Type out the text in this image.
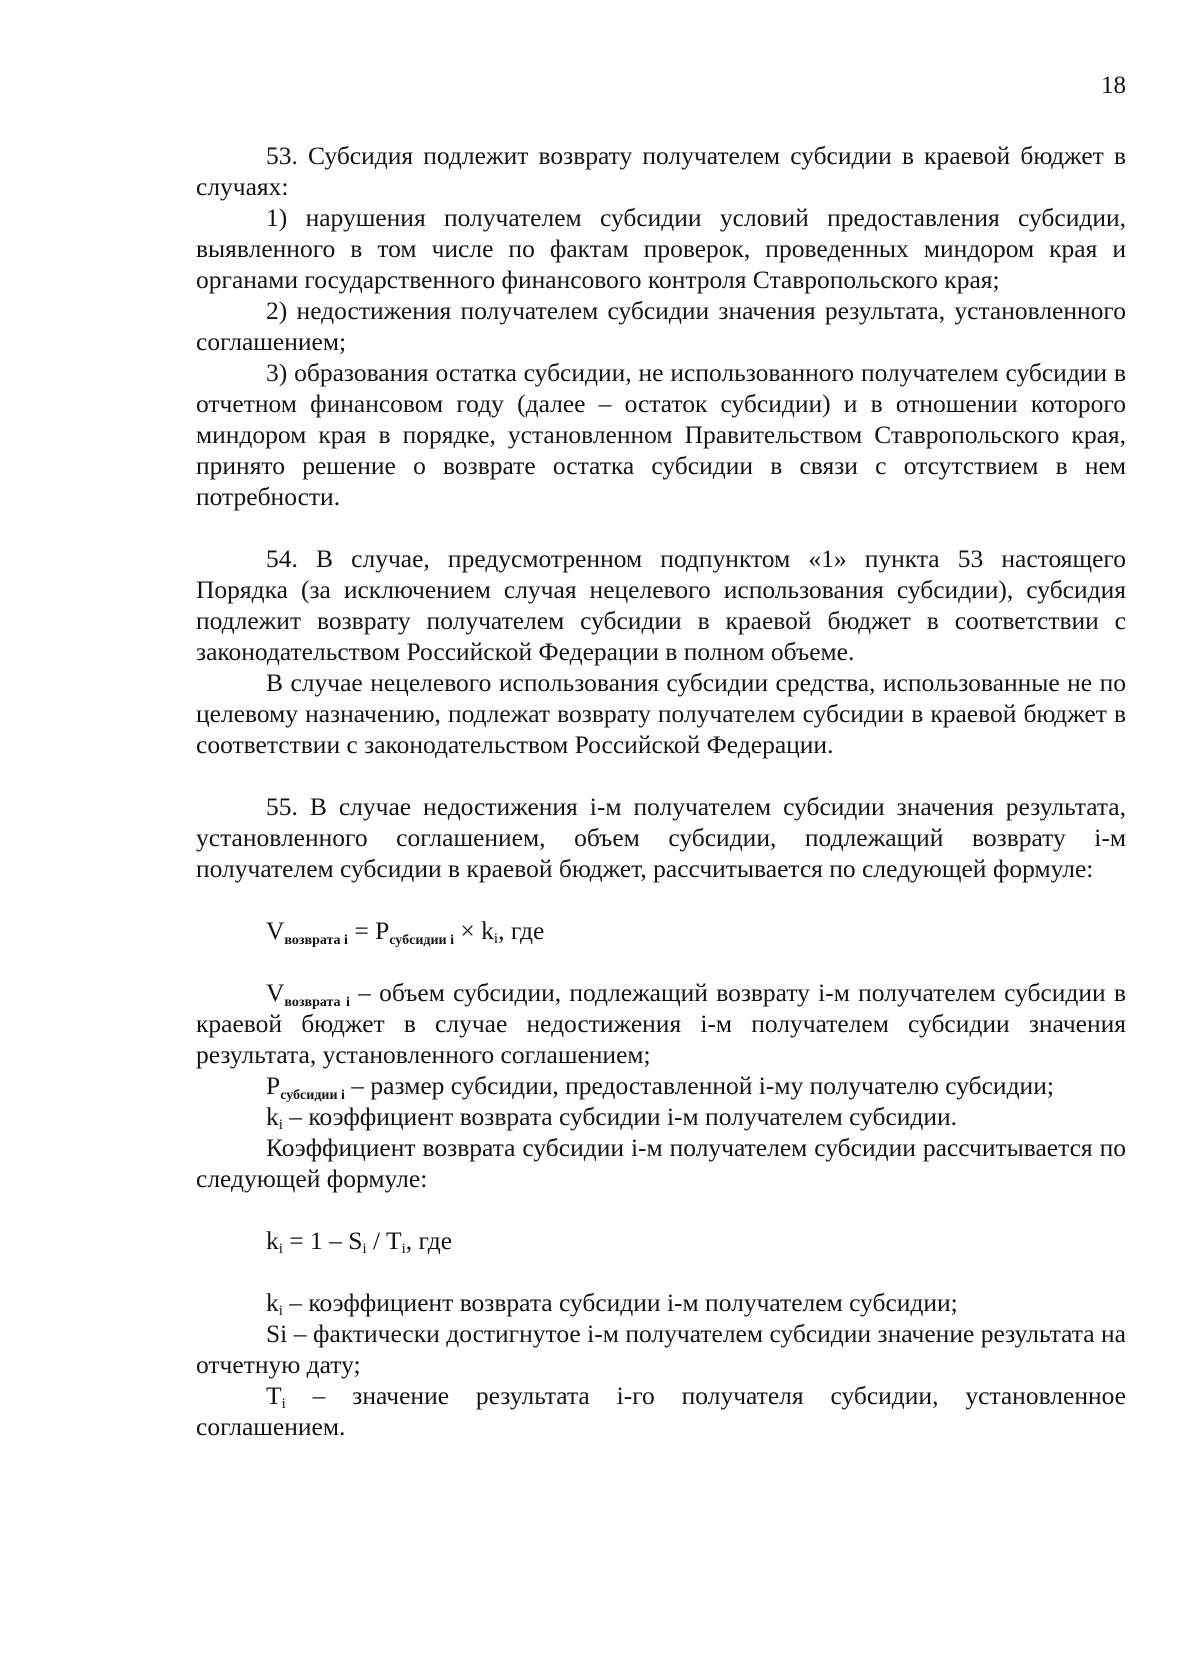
18

53. Субсидия подлежит возврату получателем субсидии в краевой бюджет в случаях:

1) нарушения получателем субсидии условий предоставления субсидии, выявленного в том числе по фактам проверок, проведенных миндором края и органами государственного финансового контроля Ставропольского края;

2) недостижения получателем субсидии значения результата, установленного соглашением;

3) образования остатка субсидии, не использованного получателем субсидии в отчетном финансовом году (далее – остаток субсидии) и в отношении которого миндором края в порядке, установленном Правительством Ставропольского края, принято решение о возврате остатка субсидии в связи с отсутствием в нем потребности.

54. В случае, предусмотренном подпунктом «1» пункта 53 настоящего Порядка (за исключением случая нецелевого использования субсидии), субсидия подлежит возврату получателем субсидии в краевой бюджет в соответствии с законодательством Российской Федерации в полном объеме.

В случае нецелевого использования субсидии средства, использованные не по целевому назначению, подлежат возврату получателем субсидии в краевой бюджет в соответствии с законодательством Российской Федерации.

55. В случае недостижения i-м получателем субсидии значения результата, установленного соглашением, объем субсидии, подлежащий возврату i-м получателем субсидии в краевой бюджет, рассчитывается по следующей формуле:

Vвозврата i = Pсубсидии $i \times k_i$, где

Vвозврата i – объем субсидии, подлежащий возврату i-м получателем субсидии в краевой бюджет в случае недостижения i-м получателем субсидии значения результата, установленного соглашением;

Pсубсидии i – размер субсидии, предоставленной i-му получателю субсидии;

$k_i$ – коэффициент возврата субсидии i-м получателем субсидии.

Коэффициент возврата субсидии i-м получателем субсидии рассчитывается по следующей формуле:

$k_i = 1 - S_i / T_i$, где

$k_i$ – коэффициент возврата субсидии i-м получателем субсидии;

Si – фактически достигнутое i-м получателем субсидии значение результата на отчетную дату;

$T_i$ – значение результата i-го получателя субсидии, установленное соглашением.
